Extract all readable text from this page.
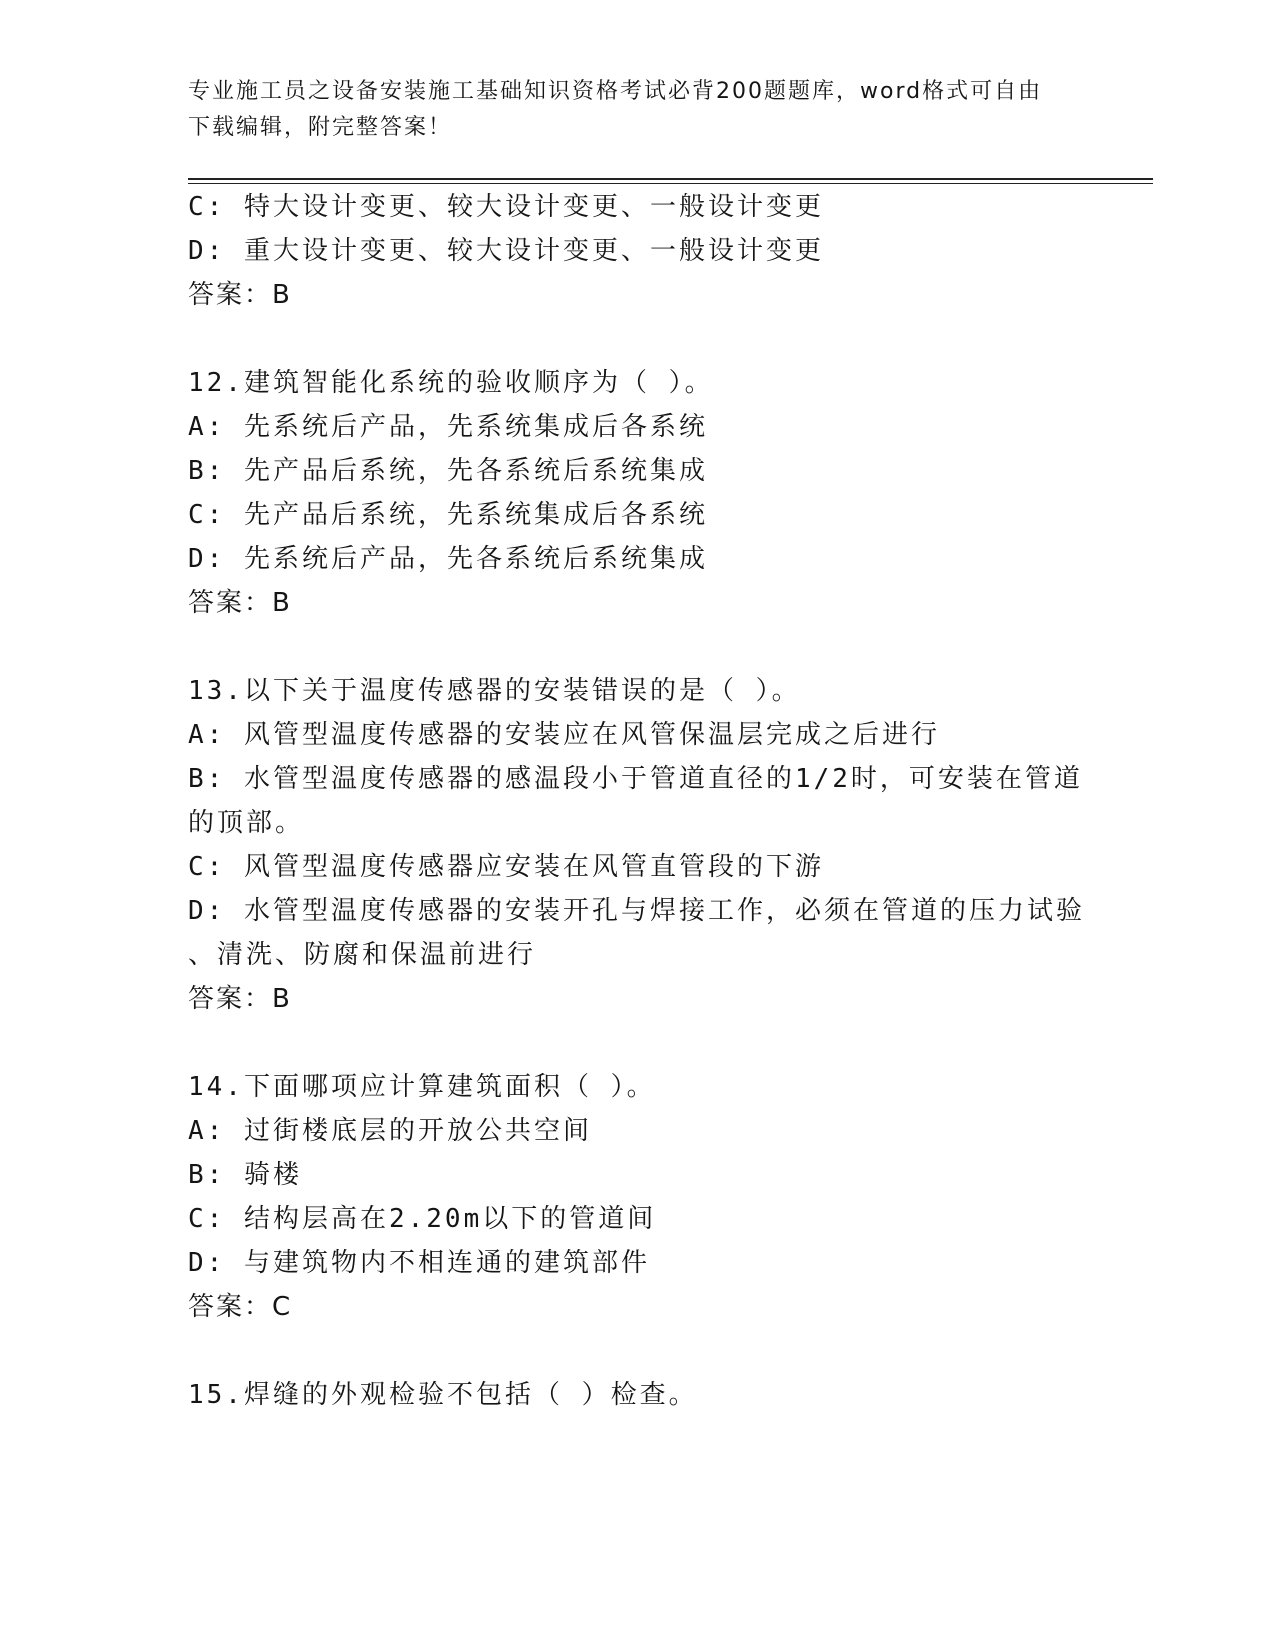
专业施工员之设备安装施工基础知识资格考试必背200题题库，word格式可自由
下载编辑，附完整答案！
C: 特大设计变更、较大设计变更、一般设计变更
D: 重大设计变更、较大设计变更、一般设计变更
答案：B
12.建筑智能化系统的验收顺序为（ ）。
A: 先系统后产品，先系统集成后各系统
B: 先产品后系统，先各系统后系统集成
C: 先产品后系统，先系统集成后各系统
D: 先系统后产品，先各系统后系统集成
答案：B
13.以下关于温度传感器的安装错误的是（ ）。
A: 风管型温度传感器的安装应在风管保温层完成之后进行
B: 水管型温度传感器的感温段小于管道直径的1/2时，可安装在管道
的顶部。
C: 风管型温度传感器应安装在风管直管段的下游
D: 水管型温度传感器的安装开孔与焊接工作，必须在管道的压力试验
、清洗、防腐和保温前进行
答案：B
14.下面哪项应计算建筑面积（ ）。
A: 过街楼底层的开放公共空间
B: 骑楼
C: 结构层高在2.20m以下的管道间
D: 与建筑物内不相连通的建筑部件
答案：C
15.焊缝的外观检验不包括（ ）检查。
